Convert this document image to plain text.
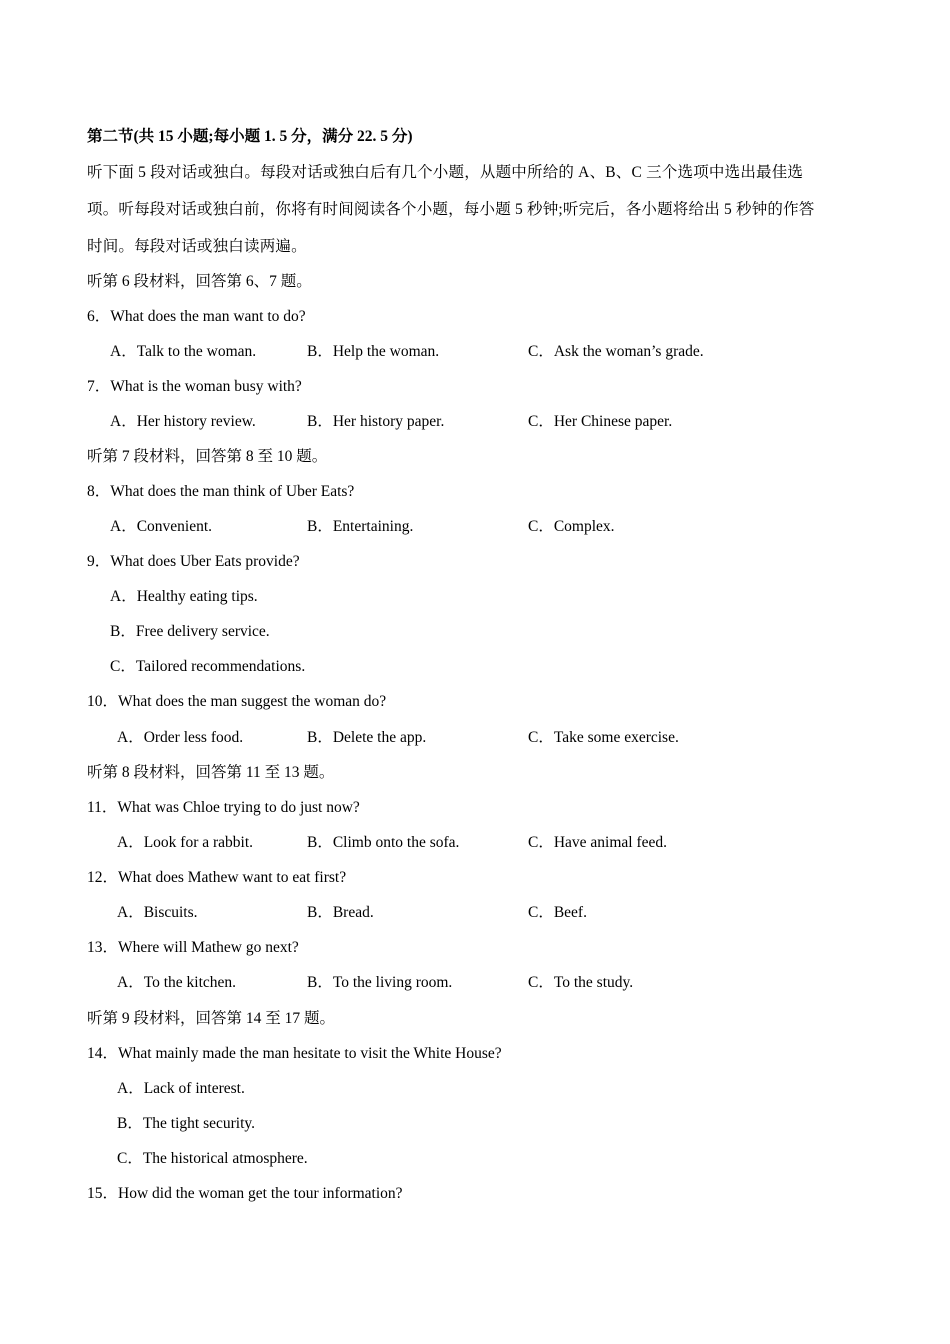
第二节(共 15 小题;每小题 1. 5 分，满分 22. 5 分)
听下面 5 段对话或独白。每段对话或独白后有几个小题，从题中所给的 A、B、C 三个选项中选出最佳选
项。听每段对话或独白前，你将有时间阅读各个小题，每小题 5 秒钟;听完后，各小题将给出 5 秒钟的作答
时间。每段对话或独白读两遍。
听第 6 段材料，回答第 6、7 题。
6．What does the man want to do?
A．Talk to the woman.	B．Help the woman.	C．Ask the woman’s grade.
7．What is the woman busy with?
A．Her history review.	B．Her history paper.	C．Her Chinese paper.
听第 7 段材料，回答第 8 至 10 题。
8．What does the man think of Uber Eats?
A．Convenient.	B．Entertaining.	C．Complex.
9．What does Uber Eats provide?
A．Healthy eating tips.
B．Free delivery service.
C．Tailored recommendations.
10．What does the man suggest the woman do?
A．Order less food.	B．Delete the app.	C．Take some exercise.
听第 8 段材料，回答第 11 至 13 题。
11．What was Chloe trying to do just now?
A．Look for a rabbit.	B．Climb onto the sofa.	C．Have animal feed.
12．What does Mathew want to eat first?
A．Biscuits.	B．Bread.	C．Beef.
13．Where will Mathew go next?
A．To the kitchen.	B．To the living room.	C．To the study.
听第 9 段材料，回答第 14 至 17 题。
14．What mainly made the man hesitate to visit the White House?
A．Lack of interest.
B．The tight security.
C．The historical atmosphere.
15．How did the woman get the tour information?
